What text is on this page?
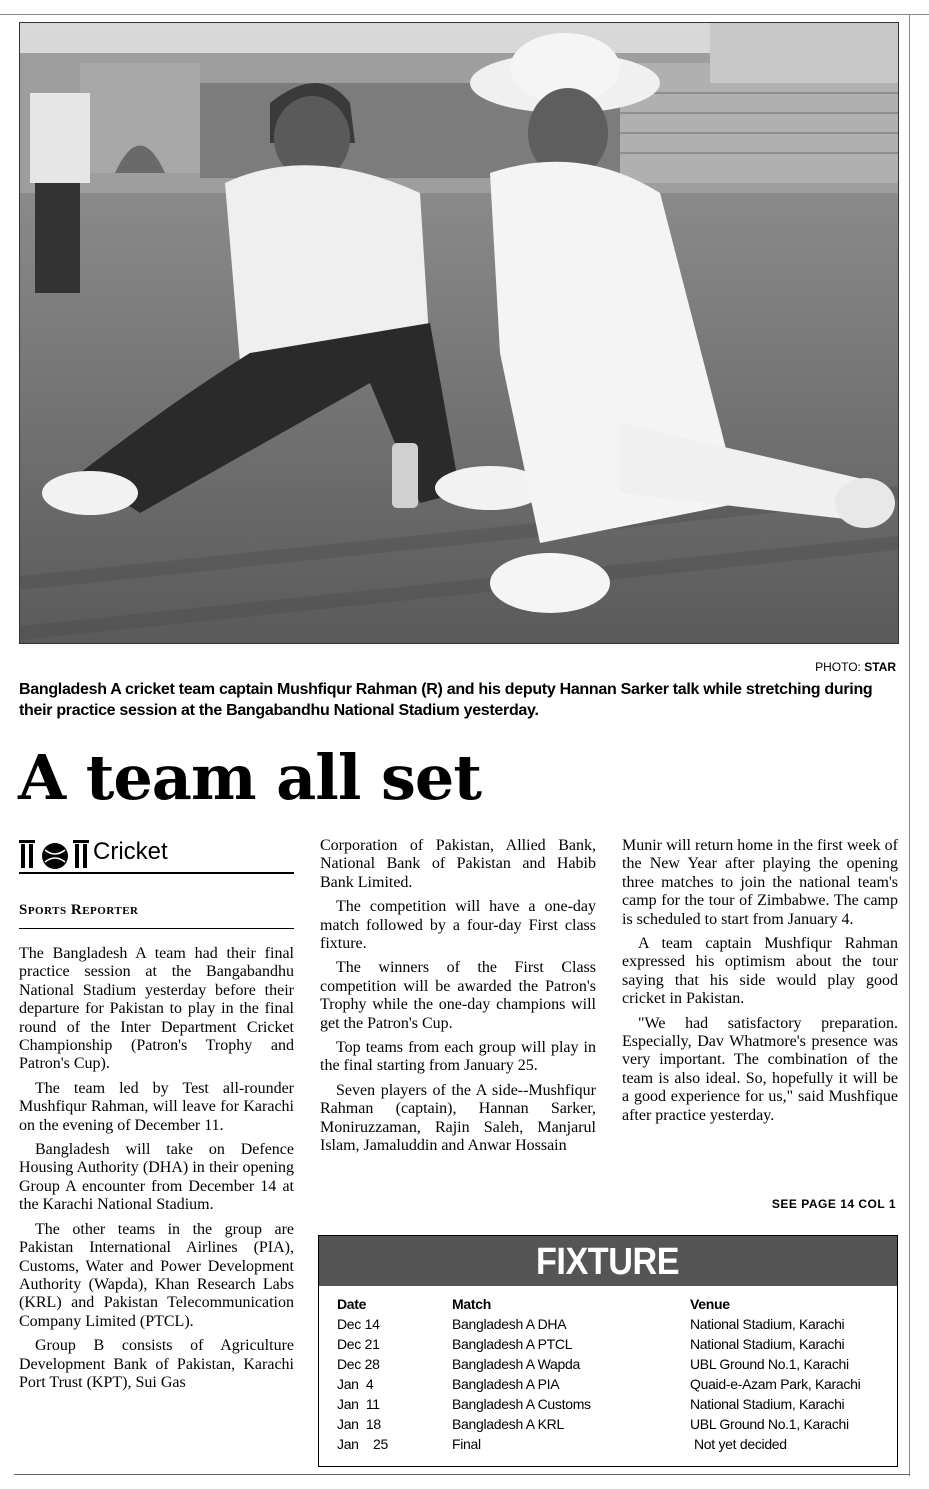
PHOTO: STAR
Bangladesh A cricket team captain Mushfiqur Rahman (R) and his deputy Hannan Sarker talk while stretching during their practice session at the Bangabandhu National Stadium yesterday.
A team all set
Cricket
Sports Reporter

The Bangladesh A team had their final practice session at the Bangabandhu National Stadium yesterday before their departure for Pakistan to play in the final round of the Inter Department Cricket Championship (Patron's Trophy and Patron's Cup).

The team led by Test all-rounder Mushfiqur Rahman, will leave for Karachi on the evening of December 11.

Bangladesh will take on Defence Housing Authority (DHA) in their opening Group A encounter from December 14 at the Karachi National Stadium.

The other teams in the group are Pakistan International Airlines (PIA), Customs, Water and Power Development Authority (Wapda), Khan Research Labs (KRL) and Pakistan Telecommunication Company Limited (PTCL).

Group B consists of Agriculture Development Bank of Pakistan, Karachi Port Trust (KPT), Sui Gas

Corporation of Pakistan, Allied Bank, National Bank of Pakistan and Habib Bank Limited.

The competition will have a one-day match followed by a four-day First class fixture.

The winners of the First Class competition will be awarded the Patron's Trophy while the one-day champions will get the Patron's Cup.

Top teams from each group will play in the final starting from January 25.

Seven players of the A side--Mushfiqur Rahman (captain), Hannan Sarker, Moniruzzaman, Rajin Saleh, Manjarul Islam, Jamaluddin and Anwar Hossain

Munir will return home in the first week of the New Year after playing the opening three matches to join the national team's camp for the tour of Zimbabwe. The camp is scheduled to start from January 4.

A team captain Mushfiqur Rahman expressed his optimism about the tour saying that his side would play good cricket in Pakistan.

"We had satisfactory preparation. Especially, Dav Whatmore's presence was very important. The combination of the team is also ideal. So, hopefully it will be a good experience for us," said Mushfique after practice yesterday.

SEE PAGE 14 COL 1
FIXTURE
Date	Match	Venue
Dec 14	Bangladesh A DHA	National Stadium, Karachi
Dec 21	Bangladesh A PTCL	National Stadium, Karachi
Dec 28	Bangladesh A Wapda	UBL Ground No.1, Karachi
Jan  4	Bangladesh A PIA	Quaid-e-Azam Park, Karachi
Jan  11	Bangladesh A Customs	National Stadium, Karachi
Jan  18	Bangladesh A KRL	UBL Ground No.1, Karachi
Jan    25	Final	Not yet decided
